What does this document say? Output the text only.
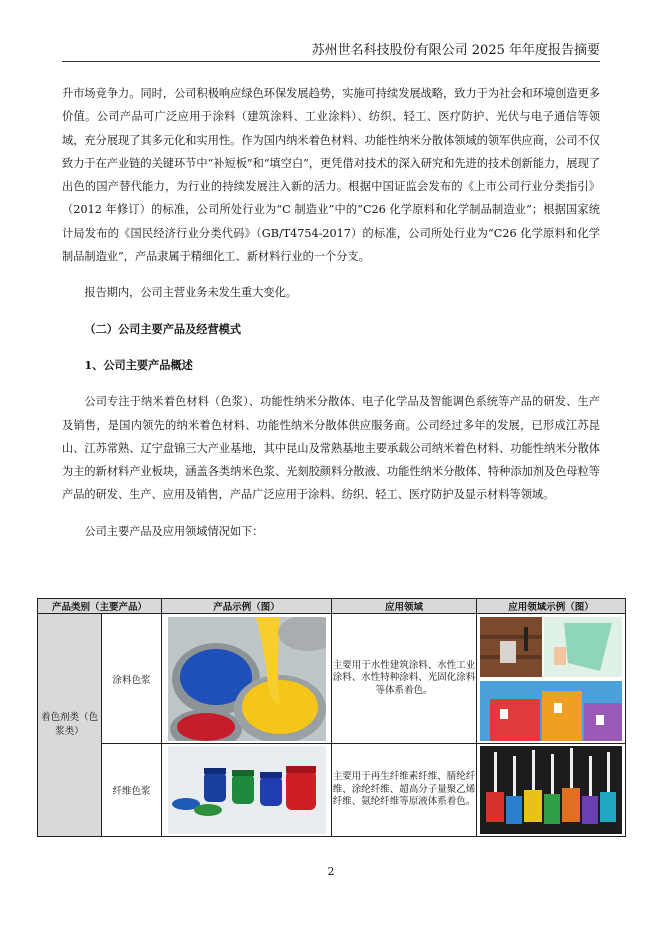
苏州世名科技股份有限公司 2025 年年度报告摘要

升市场竞争力。同时，公司积极响应绿色环保发展趋势，实施可持续发展战略，致力于为社会和环境创造更多价值。公司产品可广泛应用于涂料（建筑涂料、工业涂料）、纺织、轻工、医疗防护、光伏与电子通信等领域，充分展现了其多元化和实用性。作为国内纳米着色材料、功能性纳米分散体领域的领军供应商，公司不仅致力于在产业链的关键环节中“补短板”和“填空白”，更凭借对技术的深入研究和先进的技术创新能力，展现了出色的国产替代能力，为行业的持续发展注入新的活力。根据中国证监会发布的《上市公司行业分类指引》（2012 年修订）的标准，公司所处行业为“C 制造业”中的“C26 化学原料和化学制品制造业”；根据国家统计局发布的《国民经济行业分类代码》（GB/T4754-2017）的标准，公司所处行业为“C26 化学原料和化学制品制造业”，产品隶属于精细化工、新材料行业的一个分支。

报告期内，公司主营业务未发生重大变化。

（二）公司主要产品及经营模式

1、公司主要产品概述

公司专注于纳米着色材料（色浆）、功能性纳米分散体、电子化学品及智能调色系统等产品的研发、生产及销售，是国内领先的纳米着色材料、功能性纳米分散体供应服务商。公司经过多年的发展，已形成江苏昆山、江苏常熟、辽宁盘锦三大产业基地，其中昆山及常熟基地主要承载公司纳米着色材料、功能性纳米分散体为主的新材料产业板块，涵盖各类纳米色浆、光刻胶颜料分散液、功能性纳米分散体、特种添加剂及色母粒等产品的研发、生产、应用及销售，产品广泛应用于涂料、纺织、轻工、医疗防护及显示材料等领域。

公司主要产品及应用领域情况如下：

产品类别（主要产品）		产品示例（图）	应用领域	应用领域示例（图）
着色剂类（色浆类）	涂料色浆		主要用于水性建筑涂料、水性工业涂料、水性特种涂料、光固化涂料等体系着色。	

	纤维色浆		主要用于再生纤维素纤维、腈纶纤维、涂纶纤维、超高分子量聚乙烯纤维、氨纶纤维等原液体系着色。	
2
